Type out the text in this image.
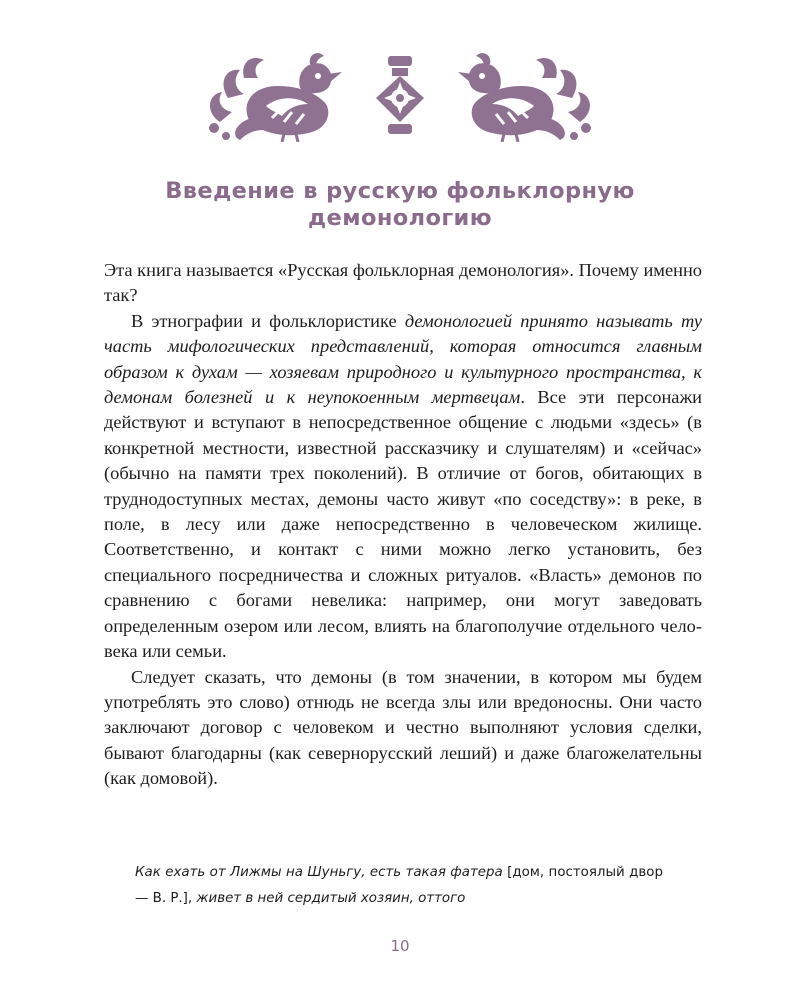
Введение в русскую фольклорную
демонологию

Эта книга называется «Русская фольклорная демонология». Почему именно так?

В этнографии и фольклористике демонологией принято называть ту часть мифологических представлений, которая относится главным образом к духам — хозяевам природного и культурного пространства, к демонам болезней и к неупокоенным мертвецам. Все эти персонажи действуют и вступают в непосредственное общение с людьми «здесь» (в конкретной местности, известной рассказчику и слушателям) и «сейчас» (обычно на памяти трех поколений). В отличие от богов, обитающих в труднодоступных местах, демоны часто живут «по соседству»: в реке, в поле, в лесу или даже непосредственно в человеческом жилище. Соответственно, и контакт с ними можно легко установить, без специального посредничества и сложных ритуалов. «Власть» демонов по сравнению с богами невелика: например, они могут заведовать определенным озером или лесом, влиять на благополучие отдельного человека или семьи.

Следует сказать, что демоны (в том значении, в котором мы будем употреблять это слово) отнюдь не всегда злы или вредоносны. Они часто заключают договор с человеком и честно выполняют условия сделки, бывают благодарны (как севернорусский леший) и даже благожелательны (как домовой).

Как ехать от Лижмы на Шуньгу, есть такая фатера [дом, постоялый двор — В. Р.], живет в ней сердитый хозяин, оттого
10
